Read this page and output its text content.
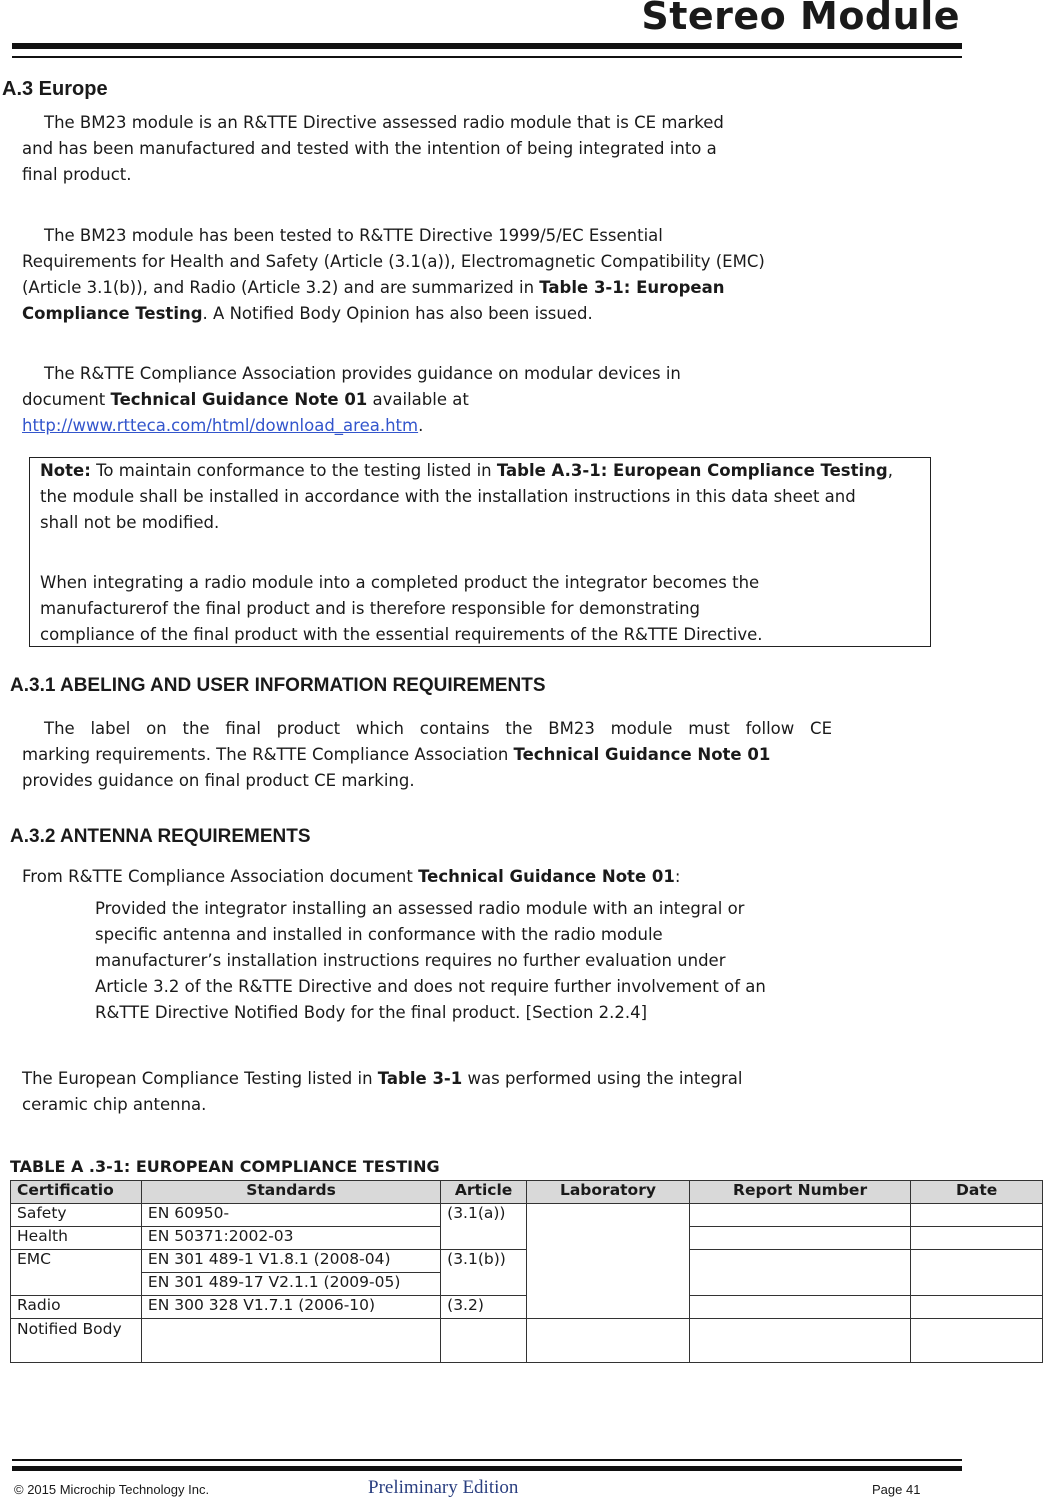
Stereo Module
A.3 Europe
The BM23 module is an R&TTE Directive assessed radio module that is CE marked
and has been manufactured and tested with the intention of being integrated into a
final product.
The BM23 module has been tested to R&TTE Directive 1999/5/EC Essential
Requirements for Health and Safety (Article (3.1(a)), Electromagnetic Compatibility (EMC)
(Article 3.1(b)), and Radio (Article 3.2) and are summarized in Table 3-1: European
Compliance Testing. A Notified Body Opinion has also been issued.
The R&TTE Compliance Association provides guidance on modular devices in
document Technical Guidance Note 01 available at
http://www.rtteca.com/html/download_area.htm.
Note: To maintain conformance to the testing listed in Table A.3-1: European Compliance Testing,
the module shall be installed in accordance with the installation instructions in this data sheet and
shall not be modified.
When integrating a radio module into a completed product the integrator becomes the
manufacturerof the final product and is therefore responsible for demonstrating
compliance of the final product with the essential requirements of the R&TTE Directive.
A.3.1 ABELING AND USER INFORMATION REQUIREMENTS
The label on the final product which contains the BM23 module must follow CE
marking requirements. The R&TTE Compliance Association Technical Guidance Note 01
provides guidance on final product CE marking.
A.3.2 ANTENNA REQUIREMENTS
From R&TTE Compliance Association document Technical Guidance Note 01:
Provided the integrator installing an assessed radio module with an integral or
specific antenna and installed in conformance with the radio module
manufacturer’s installation instructions requires no further evaluation under
Article 3.2 of the R&TTE Directive and does not require further involvement of an
R&TTE Directive Notified Body for the final product. [Section 2.2.4]
The European Compliance Testing listed in Table 3-1 was performed using the integral
ceramic chip antenna.
TABLE A .3-1: EUROPEAN COMPLIANCE TESTING
Certificatio	Standards	Article	Laboratory	Report Number	Date
Safety	EN 60950-	(3.1(a))			
Health	EN 50371:2002-03				
EMC	EN 301 489-1 V1.8.1 (2008-04)	(3.1(b))			
	EN 301 489-17 V2.1.1 (2009-05)				
Radio	EN 300 328 V1.7.1 (2006-10)	(3.2)			
Notified Body					
© 2015 Microchip Technology Inc.	Preliminary Edition	Page 41
